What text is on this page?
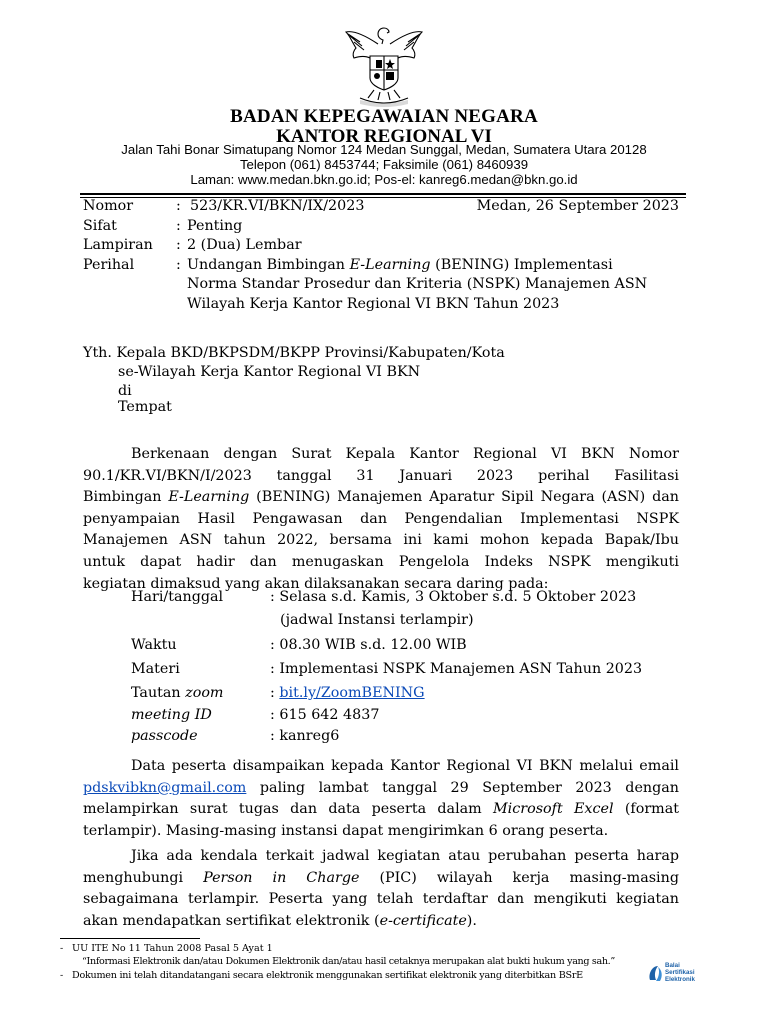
BADAN KEPEGAWAIAN NEGARA
KANTOR REGIONAL VI
Jalan Tahi Bonar Simatupang Nomor 124 Medan Sunggal, Medan, Sumatera Utara 20128
Telepon (061) 8453744; Faksimile (061) 8460939
Laman: www.medan.bkn.go.id; Pos-el: kanreg6.medan@bkn.go.id
Nomor	: 523/KR.VI/BKN/IX/2023	Medan, 26 September 2023
Sifat	: Penting
Lampiran : 2 (Dua) Lembar
Perihal	: Undangan Bimbingan E-Learning (BENING) Implementasi
Norma Standar Prosedur dan Kriteria (NSPK) Manajemen ASN
Wilayah Kerja Kantor Regional VI BKN Tahun 2023
Yth. Kepala BKD/BKPSDM/BKPP Provinsi/Kabupaten/Kota
se-Wilayah Kerja Kantor Regional VI BKN
di
Tempat
Berkenaan dengan Surat Kepala Kantor Regional VI BKN Nomor
90.1/KR.VI/BKN/I/2023 tanggal 31 Januari 2023 perihal Fasilitasi
Bimbingan E-Learning (BENING) Manajemen Aparatur Sipil Negara (ASN) dan
penyampaian Hasil Pengawasan dan Pengendalian Implementasi NSPK
Manajemen ASN tahun 2022, bersama ini kami mohon kepada Bapak/Ibu
untuk dapat hadir dan menugaskan Pengelola Indeks NSPK mengikuti
kegiatan dimaksud yang akan dilaksanakan secara daring pada:
Hari/tanggal	: Selasa s.d. Kamis, 3 Oktober s.d. 5 Oktober 2023
(jadwal Instansi terlampir)
Waktu	: 08.30 WIB s.d. 12.00 WIB
Materi	: Implementasi NSPK Manajemen ASN Tahun 2023
Tautan zoom	: bit.ly/ZoomBENING
meeting ID	: 615 642 4837
passcode	: kanreg6
Data peserta disampaikan kepada Kantor Regional VI BKN melalui email
pdskvibkn@gmail.com paling lambat tanggal 29 September 2023 dengan
melampirkan surat tugas dan data peserta dalam Microsoft Excel (format
terlampir). Masing-masing instansi dapat mengirimkan 6 orang peserta.
Jika ada kendala terkait jadwal kegiatan atau perubahan peserta harap
menghubungi Person in Charge (PIC) wilayah kerja masing-masing
sebagaimana terlampir. Peserta yang telah terdaftar dan mengikuti kegiatan
akan mendapatkan sertifikat elektronik (e-certificate).
- UU ITE No 11 Tahun 2008 Pasal 5 Ayat 1
“Informasi Elektronik dan/atau Dokumen Elektronik dan/atau hasil cetaknya merupakan alat bukti hukum yang sah.”
- Dokumen ini telah ditandatangani secara elektronik menggunakan sertifikat elektronik yang diterbitkan BSrE
Balai
Sertifikasi
Elektronik
